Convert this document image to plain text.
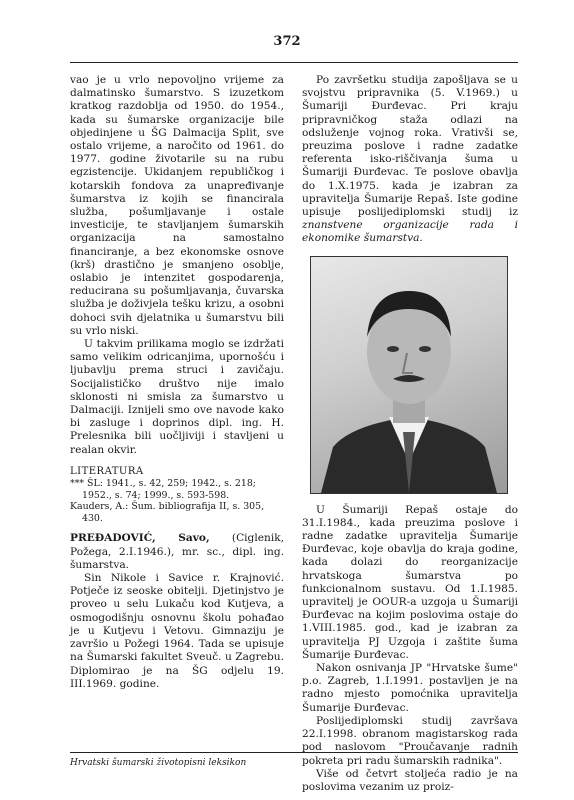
372

vao je u vrlo nepovoljno vrijeme za dalmatinsko šumarstvo. S izuzetkom kratkog razdoblja od 1950. do 1954., kada su šumarske organizacije bile objedinjene u ŠG Dalmacija Split, sve ostalo vrijeme, a naročito od 1961. do 1977. godine životarile su na rubu egzistencije. Ukidanjem republičkog i kotarskih fondova za unapređivanje šumarstva iz kojih se financirala služba, pošumljavanje i ostale investicije, te stavljanjem šumarskih organizacija na samostalno financiranje, a bez ekonomske osnove (krš) drastično je smanjeno osoblje, oslabio je intenzitet gospodarenja, reducirana su pošumljavanja, čuvarska služba je doživjela tešku krizu, a osobni dohoci svih djelatnika u šumarstvu bili su vrlo niski.

U takvim prilikama moglo se izdržati samo velikim odricanjima, upornošću i ljubavlju prema struci i zavičaju. Socijalističko društvo nije imalo sklonosti ni smisla za šumarstvo u Dalmaciji. Iznijeli smo ove navode kako bi zasluge i doprinos dipl. ing. H. Prelesnika bili uočljiviji i stavljeni u realan okvir.

LITERATURA

*** ŠL: 1941., s. 42, 259; 1942., s. 218; 1952., s. 74; 1999., s. 593-598.

Kauders, A.: Šum. bibliografija II, s. 305, 430.

PREĐADOVIĆ, Savo, (Ciglenik, Požega, 2.I.1946.), mr. sc., dipl. ing. šumarstva.

Sin Nikole i Savice r. Krajnović. Potječe iz seoske obitelji. Djetinjstvo je proveo u selu Lukaču kod Kutjeva, a osmogodišnju osnovnu školu pohađao je u Kutjevu i Vetovu. Gimnaziju je završio u Požegi 1964. Tada se upisuje na Šumarski fakultet Sveuč. u Zagrebu. Diplomirao je na ŠG odjelu 19. III.1969. godine.

Po završetku studija zapošljava se u svojstvu pripravnika (5. V.1969.) u Šumariji Đurđevac. Pri kraju pripravničkog staža odlazi na odsluženje vojnog roka. Vrativši se, preuzima poslove i radne zadatke referenta isko-riščivanja šuma u Šumariji Đurđevac. Te poslove obavlja do 1.X.1975. kada je izabran za upravitelja Šumarije Repaš. Iste godine upisuje poslijediplomski studij iz znanstvene organizacije rada i ekonomike šumarstva.

U Šumariji Repaš ostaje do 31.I.1984., kada preuzima poslove i radne zadatke upravitelja Šumarije Đurđevac, koje obavlja do kraja godine, kada dolazi do reorganizacije hrvatskoga šumarstva po funkcionalnom sustavu. Od 1.I.1985. upravitelj je OOUR-a uzgoja u Šumariji Đurđevac na kojim poslovima ostaje do 1.VIII.1985. god., kad je izabran za upravitelja PJ Uzgoja i zaštite šuma Šumarije Đurđevac.

Nakon osnivanja JP "Hrvatske šume" p.o. Zagreb, 1.I.1991. postavljen je na radno mjesto pomoćnika upravitelja Šumarije Đurđevac.

Poslijediplomski studij završava 22.I.1998. obranom magistarskog rada pod naslovom "Proučavanje radnih pokreta pri radu šumarskih radnika".

Više od četvrt stoljeća radio je na poslovima vezanim uz proiz-

Hrvatski šumarski životopisni leksikon
